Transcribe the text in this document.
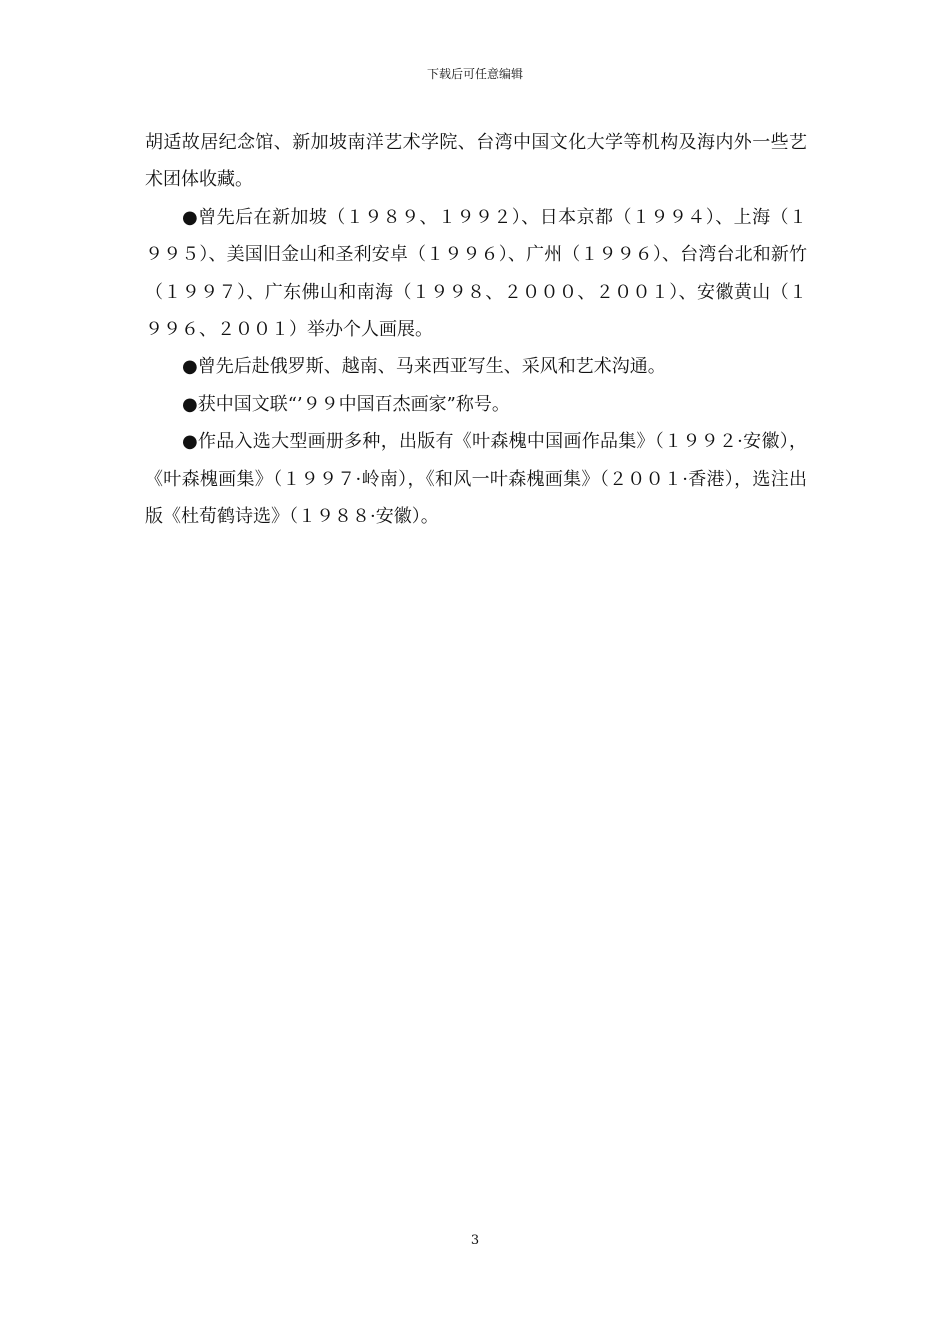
下载后可任意编辑

胡适故居纪念馆、新加坡南洋艺术学院、台湾中国文化大学等机构及海内外一些艺术团体收藏。

●曾先后在新加坡（１９８９、１９９２）、日本京都（１９９４）、上海（１９９５）、美国旧金山和圣利安卓（１９９６）、广州（１９９６）、台湾台北和新竹（１９９７）、广东佛山和南海（１９９８、２０００、２００１）、安徽黄山（１９９６、２００１）举办个人画展。

●曾先后赴俄罗斯、越南、马来西亚写生、采风和艺术沟通。

●获中国文联“’９９中国百杰画家”称号。

●作品入选大型画册多种，出版有《叶森槐中国画作品集》（１９９２·安徽），《叶森槐画集》（１９９７·岭南），《和风一叶森槐画集》（２００１·香港），选注出版《杜荀鹤诗选》（１９８８·安徽）。

3
